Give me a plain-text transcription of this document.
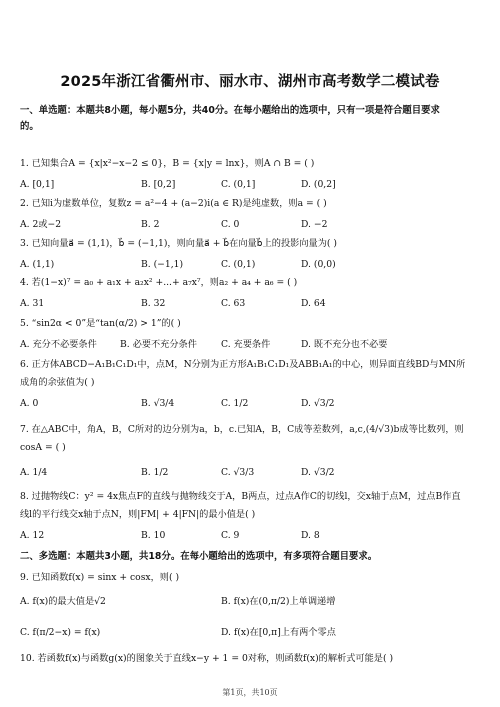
2025年浙江省衢州市、丽水市、湖州市高考数学二模试卷
一、单选题：本题共8小题，每小题5分，共40分。在每小题给出的选项中，只有一项是符合题目要求
的。
1. 已知集合A = {x|x²−x−2 ≤ 0}，B = {x|y = lnx}，则A ∩ B = ( )
A. [0,1]	B. [0,2]	C. (0,1]	D. (0,2]
2. 已知i为虚数单位，复数z = a²−4 + (a−2)i(a ∈ R)是纯虚数，则a = ( )
A. 2或−2	B. 2	C. 0	D. −2
3. 已知向量a⃗ = (1,1)，b⃗ = (−1,1)，则向量a⃗ + b⃗在向量b⃗上的投影向量为( )
A. (1,1)	B. (−1,1)	C. (0,1)	D. (0,0)
4. 若(1−x)⁷ = a₀ + a₁x + a₂x² +...+ a₇x⁷，则a₂ + a₄ + a₆ = ( )
A. 31	B. 32	C. 63	D. 64
5. “sin2α < 0”是“tan(α/2) > 1”的( )
A. 充分不必要条件	B. 必要不充分条件	C. 充要条件	D. 既不充分也不必要
6. 正方体ABCD−A₁B₁C₁D₁中，点M，N分别为正方形A₁B₁C₁D₁及ABB₁A₁的中心，则异面直线BD与MN所
成角的余弦值为( )
A. 0	B. √3/4	C. 1/2	D. √3/2
7. 在△ABC中，角A，B，C所对的边分别为a，b，c.已知A，B，C成等差数列，a,c,(4/√3)b成等比数列，则
cosA = ( )
A. 1/4	B. 1/2	C. √3/3	D. √3/2
8. 过抛物线C：y² = 4x焦点F的直线与抛物线交于A，B两点，过点A作C的切线l，交x轴于点M，过点B作直
线l的平行线交x轴于点N，则|FM| + 4|FN|的最小值是( )
A. 12	B. 10	C. 9	D. 8
二、多选题：本题共3小题，共18分。在每小题给出的选项中，有多项符合题目要求。
9. 已知函数f(x) = sinx + cosx，则( )
A. f(x)的最大值是√2	B. f(x)在(0,π/2)上单调递增
C. f(π/2−x) = f(x)	D. f(x)在[0,π]上有两个零点
10. 若函数f(x)与函数g(x)的图象关于直线x−y + 1 = 0对称，则函数f(x)的解析式可能是( )
第1页，共10页
